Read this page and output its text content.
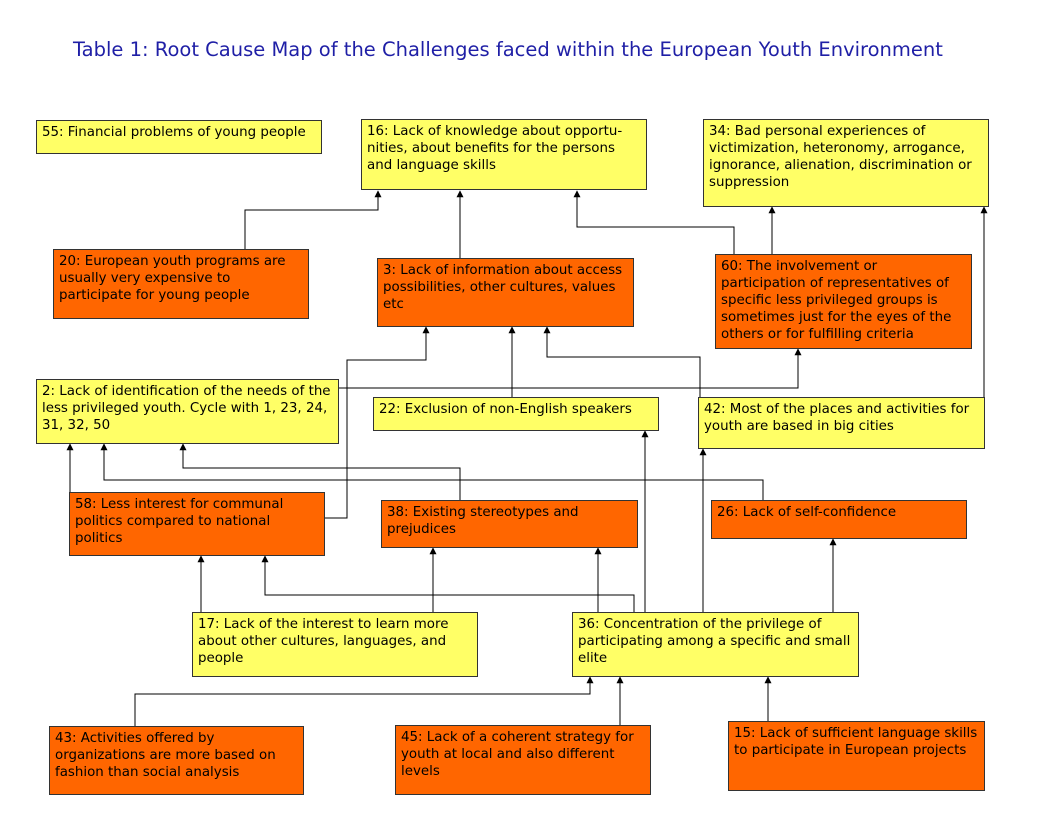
Table 1: Root Cause Map of the Challenges faced within the European Youth Environment
55: Financial problems of young people	16: Lack of knowledge about opportu-nities, about benefits for the persons and language skills
34: Bad personal experiences of victimization, heteronomy, arrogance, ignorance, alienation, discrimination or suppression
20: European youth programs are usually very expensive to participate for young people
3: Lack of information about access possibilities, other cultures, values etc
60: The involvement or participation of representatives of specific less privileged groups is sometimes just for the eyes of the others or for fulfilling criteria
2: Lack of identification of the needs of the less privileged youth. Cycle with 1, 23, 24, 31, 32, 50
22: Exclusion of non-English speakers	42: Most of the places and activities for youth are based in big cities
58: Less interest for communal politics compared to national politics
38: Existing stereotypes and prejudices
26: Lack of self-confidence
17: Lack of the interest to learn more about other cultures, languages, and people
36: Concentration of the privilege of participating among a specific and small elite
43: Activities offered by organizations are more based on fashion than social analysis
45: Lack of a coherent strategy for youth at local and also different levels
15: Lack of sufficient language skills to participate in European projects
